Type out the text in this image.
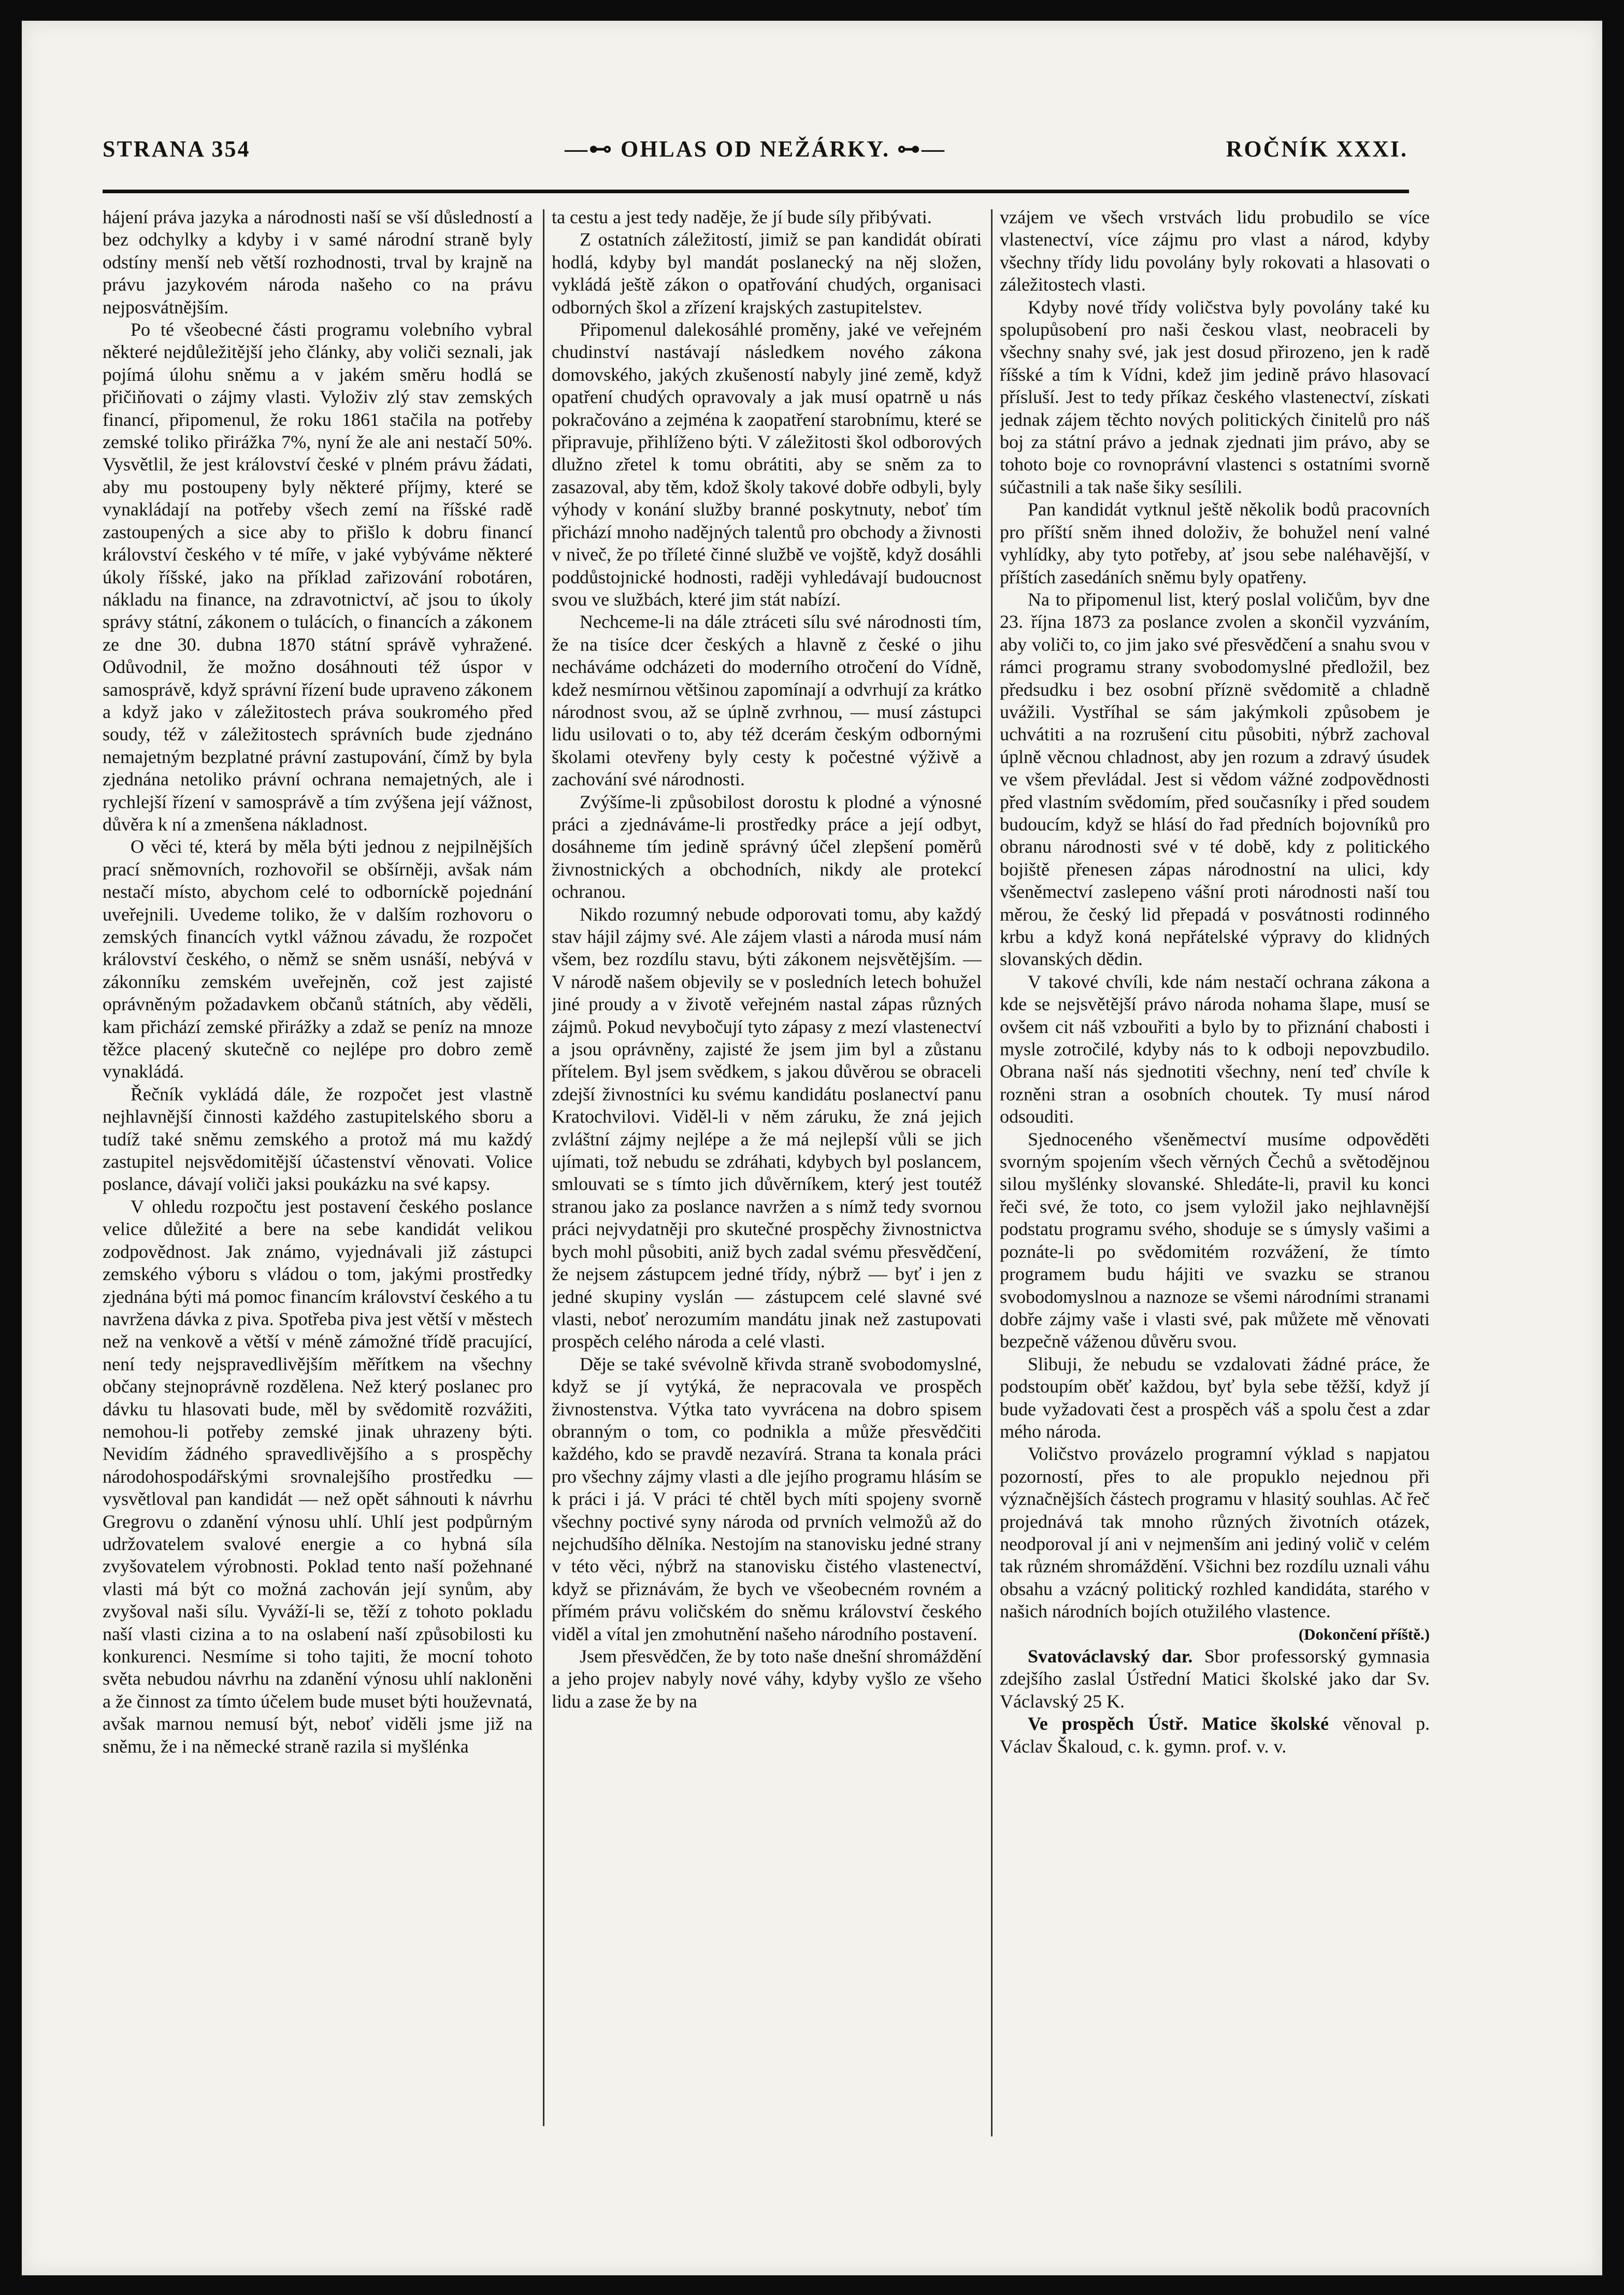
STRANA 354	—⊷ OHLAS OD NEŽÁRKY. ⊶—	ROČNÍK XXXI.

hájení práva jazyka a národnosti naší se vší důsledností a bez odchylky a kdyby i v samé národní straně byly odstíny menší neb větší rozhodnosti, trval by krajně na právu jazykovém národa našeho co na právu nejposvátnějším.

Po té všeobecné části programu volebního vybral některé nejdůležitější jeho články, aby voliči seznali, jak pojímá úlohu sněmu a v jakém směru hodlá se přičiňovati o zájmy vlasti. Vyloživ zlý stav zemských financí, připomenul, že roku 1861 stačila na potřeby zemské toliko přirážka 7%, nyní že ale ani nestačí 50%. Vysvětlil, že jest království české v plném právu žádati, aby mu postoupeny byly některé příjmy, které se vynakládají na potřeby všech zemí na říšské radě zastoupených a sice aby to přišlo k dobru financí království českého v té míře, v jaké vybýváme některé úkoly říšské, jako na příklad zařizování robotáren, nákladu na finance, na zdravotnictví, ač jsou to úkoly správy státní, zákonem o tulácích, o financích a zákonem ze dne 30. dubna 1870 státní správě vyhražené. Odůvodnil, že možno dosáhnouti též úspor v samosprávě, když správní řízení bude upraveno zákonem a když jako v záležitostech práva soukromého před soudy, též v záležitostech správních bude zjednáno nemajetným bezplatné právní zastupování, čímž by byla zjednána netoliko právní ochrana nemajetných, ale i rychlejší řízení v samosprávě a tím zvýšena její vážnost, důvěra k ní a zmenšena nákladnost.

O věci té, která by měla býti jednou z nejpilnějších prací sněmovních, rozhovořil se obšírněji, avšak nám nestačí místo, abychom celé to odborníckě pojednání uveřejnili. Uvedeme toliko, že v dalším rozhovoru o zemských financích vytkl vážnou závadu, že rozpočet království českého, o němž se sněm usnáší, nebývá v zákonníku zemském uveřejněn, což jest zajisté oprávněným požadavkem občanů státních, aby věděli, kam přichází zemské přirážky a zdaž se peníz na mnoze těžce placený skutečně co nejlépe pro dobro země vynakládá.

Řečník vykládá dále, že rozpočet jest vlastně nejhlavnější činnosti každého zastupitelského sboru a tudíž také sněmu zemského a protož má mu každý zastupitel nejsvědomitější účastenství věnovati. Volice poslance, dávají voliči jaksi poukázku na své kapsy.

V ohledu rozpočtu jest postavení českého poslance velice důležité a bere na sebe kandidát velikou zodpovědnost. Jak známo, vyjednávali již zástupci zemského výboru s vládou o tom, jakými prostředky zjednána býti má pomoc financím království českého a tu navržena dávka z piva. Spotřeba piva jest větší v městech než na venkově a větší v méně zámožné třídě pracující, není tedy nejspravedlivějším měřítkem na všechny občany stejnoprávně rozdělena. Než který poslanec pro dávku tu hlasovati bude, měl by svědomitě rozvážiti, nemohou-li potřeby zemské jinak uhrazeny býti. Nevidím žádného spravedlivějšího a s prospěchy národohospodářskými srovnalejšího prostředku — vysvětloval pan kandidát — než opět sáhnouti k návrhu Gregrovu o zdanění výnosu uhlí. Uhlí jest podpůrným udržovatelem svalové energie a co hybná síla zvyšovatelem výrobnosti. Poklad tento naší požehnané vlasti má být co možná zachován její synům, aby zvyšoval naši sílu. Vyváží-li se, těží z tohoto pokladu naší vlasti cizina a to na oslabení naší způsobilosti ku konkurenci. Nesmíme si toho tajiti, že mocní tohoto světa nebudou návrhu na zdanění výnosu uhlí nakloněni a že činnost za tímto účelem bude muset býti houževnatá, avšak marnou nemusí být, neboť viděli jsme již na sněmu, že i na německé straně razila si myšlénka

ta cestu a jest tedy naděje, že jí bude síly přibývati.

Z ostatních záležitostí, jimiž se pan kandidát obírati hodlá, kdyby byl mandát poslanecký na něj složen, vykládá ještě zákon o opatřování chudých, organisaci odborných škol a zřízení krajských zastupitelstev.

Připomenul dalekosáhlé proměny, jaké ve veřejném chudinství nastávají následkem nového zákona domovského, jakých zkušeností nabyly jiné země, když opatření chudých opravovaly a jak musí opatrně u nás pokračováno a zejména k zaopatření starobnímu, které se připravuje, přihlíženo býti. V záležitosti škol odborových dlužno zřetel k tomu obrátiti, aby se sněm za to zasazoval, aby těm, kdož školy takové dobře odbyli, byly výhody v konání služby branné poskytnuty, neboť tím přichází mnoho nadějných talentů pro obchody a živnosti v niveč, že po tříleté činné službě ve vojště, když dosáhli poddůstojnické hodnosti, raději vyhledávají budoucnost svou ve službách, které jim stát nabízí.

Nechceme-li na dále ztráceti sílu své národnosti tím, že na tisíce dcer českých a hlavně z české o jihu necháváme odcházeti do moderního otročení do Vídně, kdež nesmírnou většinou zapomínají a odvrhují za krátko národnost svou, až se úplně zvrhnou, — musí zástupci lidu usilovati o to, aby též dcerám českým odbornými školami otevřeny byly cesty k počestné výživě a zachování své národnosti.

Zvýšíme-li způsobilost dorostu k plodné a výnosné práci a zjednáváme-li prostředky práce a její odbyt, dosáhneme tím jedině správný účel zlepšení poměrů živnostnických a obchodních, nikdy ale protekcí ochranou.

Nikdo rozumný nebude odporovati tomu, aby každý stav hájil zájmy své. Ale zájem vlasti a národa musí nám všem, bez rozdílu stavu, býti zákonem nejsvětějším. — V národě našem objevily se v posledních letech bohužel jiné proudy a v životě veřejném nastal zápas různých zájmů. Pokud nevybočují tyto zápasy z mezí vlastenectví a jsou oprávněny, zajisté že jsem jim byl a zůstanu přítelem. Byl jsem svědkem, s jakou důvěrou se obraceli zdejší živnostníci ku svému kandidátu poslanectví panu Kratochvilovi. Viděl-li v něm záruku, že zná jejich zvláštní zájmy nejlépe a že má nejlepší vůli se jich ujímati, tož nebudu se zdráhati, kdybych byl poslancem, smlouvati se s tímto jich důvěrníkem, který jest toutéž stranou jako za poslance navržen a s nímž tedy svornou práci nejvydatněji pro skutečné prospěchy živnostnictva bych mohl působiti, aniž bych zadal svému přesvědčení, že nejsem zástupcem jedné třídy, nýbrž — byť i jen z jedné skupiny vyslán — zástupcem celé slavné své vlasti, neboť nerozumím mandátu jinak než zastupovati prospěch celého národa a celé vlasti.

Děje se také svévolně křivda straně svobodomyslné, když se jí vytýká, že nepracovala ve prospěch živnostenstva. Výtka tato vyvrácena na dobro spisem obranným o tom, co podnikla a může přesvědčiti každého, kdo se pravdě nezavírá. Strana ta konala práci pro všechny zájmy vlasti a dle jejího programu hlásím se k práci i já. V práci té chtěl bych míti spojeny svorně všechny poctivé syny národa od prvních velmožů až do nejchudšího dělníka. Nestojím na stanovisku jedné strany v této věci, nýbrž na stanovisku čistého vlastenectví, když se přiznávám, že bych ve všeobecném rovném a přímém právu voličském do sněmu království českého viděl a vítal jen zmohutnění našeho národního postavení.

Jsem přesvědčen, že by toto naše dnešní shromáždění a jeho projev nabyly nové váhy, kdyby vyšlo ze všeho lidu a zase že by na

vzájem ve všech vrstvách lidu probudilo se více vlastenectví, více zájmu pro vlast a národ, kdyby všechny třídy lidu povolány byly rokovati a hlasovati o záležitostech vlasti.

Kdyby nové třídy voličstva byly povolány také ku spolupůsobení pro naši českou vlast, neobraceli by všechny snahy své, jak jest dosud přirozeno, jen k radě říšské a tím k Vídni, kdež jim jedině právo hlasovací přísluší. Jest to tedy příkaz českého vlastenectví, získati jednak zájem těchto nových politických činitelů pro náš boj za státní právo a jednak zjednati jim právo, aby se tohoto boje co rovnoprávní vlastenci s ostatními svorně súčastnili a tak naše šiky sesílili.

Pan kandidát vytknul ještě několik bodů pracovních pro příští sněm ihned doloživ, že bohužel není valné vyhlídky, aby tyto potřeby, ať jsou sebe naléhavější, v příštích zasedáních sněmu byly opatřeny.

Na to připomenul list, který poslal voličům, byv dne 23. října 1873 za poslance zvolen a skončil vyzváním, aby voliči to, co jim jako své přesvědčení a snahu svou v rámci programu strany svobodomyslné předložil, bez předsudku i bez osobní příznë svědomitě a chladně uvážili. Vystříhal se sám jakýmkoli způsobem je uchvátiti a na rozrušení citu působiti, nýbrž zachoval úplně věcnou chladnost, aby jen rozum a zdravý úsudek ve všem převládal. Jest si vědom vážné zodpovědnosti před vlastním svědomím, před současníky i před soudem budoucím, když se hlásí do řad předních bojovníků pro obranu národnosti své v té době, kdy z politického bojiště přenesen zápas národnostní na ulici, kdy všeněmectví zaslepeno vášní proti národnosti naší tou měrou, že český lid přepadá v posvátnosti rodinného krbu a když koná nepřátelské výpravy do klidných slovanských dědin.

V takové chvíli, kde nám nestačí ochrana zákona a kde se nejsvětější právo národa nohama šlape, musí se ovšem cit náš vzbouřiti a bylo by to přiznání chabosti i mysle zotročilé, kdyby nás to k odboji nepovzbudilo. Obrana naší nás sjednotiti všechny, není teď chvíle k rozněni stran a osobních choutek. Ty musí národ odsouditi.

Sjednoceného všeněmectví musíme odpověděti svorným spojením všech věrných Čechů a světodějnou silou myšlénky slovanské. Shledáte-li, pravil ku konci řeči své, že toto, co jsem vyložil jako nejhlavnější podstatu programu svého, shoduje se s úmysly vašimi a poznáte-li po svědomitém rozvážení, že tímto programem budu hájiti ve svazku se stranou svobodomyslnou a naznoze se všemi národními stranami dobře zájmy vaše i vlasti své, pak můžete mě věnovati bezpečně váženou důvěru svou.

Slibuji, že nebudu se vzdalovati žádné práce, že podstoupím oběť každou, byť byla sebe těžší, když jí bude vyžadovati čest a prospěch váš a spolu čest a zdar mého národa.

Voličstvo provázelo programní výklad s napjatou pozorností, přes to ale propuklo nejednou při význačnějších částech programu v hlasitý souhlas. Ač řeč projednává tak mnoho různých životních otázek, neodporoval jí ani v nejmenším ani jediný volič v celém tak různém shromáždění. Všichni bez rozdílu uznali váhu obsahu a vzácný politický rozhled kandidáta, starého v našich národních bojích otužilého vlastence.

(Dokončení příště.)

Svatováclavský dar. Sbor professorský gymnasia zdejšího zaslal Ústřední Matici školské jako dar Sv. Václavský 25 K.

Ve prospěch Ústř. Matice školské věnoval p. Václav Škaloud, c. k. gymn. prof. v. v.
